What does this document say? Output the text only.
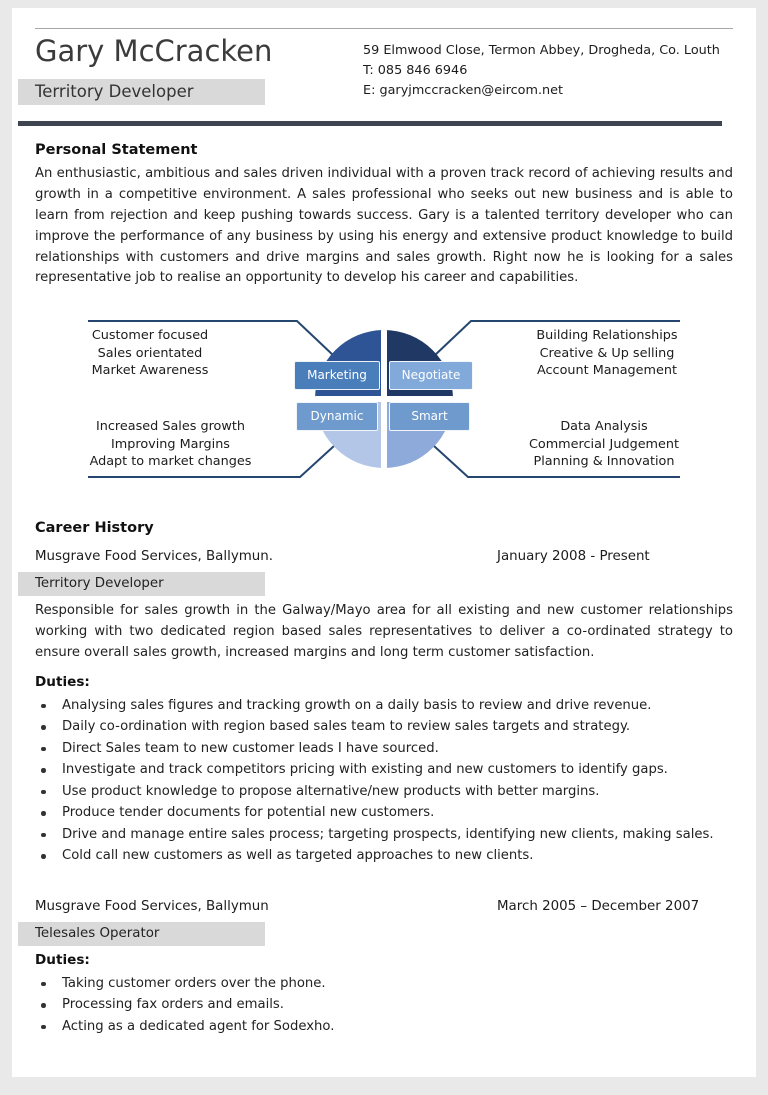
Gary McCracken
Territory Developer
59 Elmwood Close, Termon Abbey, Drogheda, Co. Louth
T: 085 846 6946
E: garyjmccracken@eircom.net
Personal Statement

An enthusiastic, ambitious and sales driven individual with a proven track record of achieving results and growth in a competitive environment. A sales professional who seeks out new business and is able to learn from rejection and keep pushing towards success. Gary is a talented territory developer who can improve the performance of any business by using his energy and extensive product knowledge to build relationships with customers and drive margins and sales growth. Right now he is looking for a sales representative job to realise an opportunity to develop his career and capabilities.

Marketing	Negotiate
Dynamic	Smart
Customer focused
Sales orientated
Market Awareness
Building Relationships
Creative & Up selling
Account Management
Increased Sales growth
Improving Margins
Adapt to market changes
Data Analysis
Commercial Judgement
Planning & Innovation
Career History
Musgrave Food Services, Ballymun.	January 2008 - Present
Territory Developer

Responsible for sales growth in the Galway/Mayo area for all existing and new customer relationships working with two dedicated region based sales representatives to deliver a co-ordinated strategy to ensure overall sales growth, increased margins and long term customer satisfaction.

Duties:
Analysing sales figures and tracking growth on a daily basis to review and drive revenue.
Daily co-ordination with region based sales team to review sales targets and strategy.
Direct Sales team to new customer leads I have sourced.
Investigate and track competitors pricing with existing and new customers to identify gaps.
Use product knowledge to propose alternative/new products with better margins.
Produce tender documents for potential new customers.
Drive and manage entire sales process; targeting prospects, identifying new clients, making sales.
Cold call new customers as well as targeted approaches to new clients.
Musgrave Food Services, Ballymun	March 2005 – December 2007
Telesales Operator
Duties:
Taking customer orders over the phone.
Processing fax orders and emails.
Acting as a dedicated agent for Sodexho.
